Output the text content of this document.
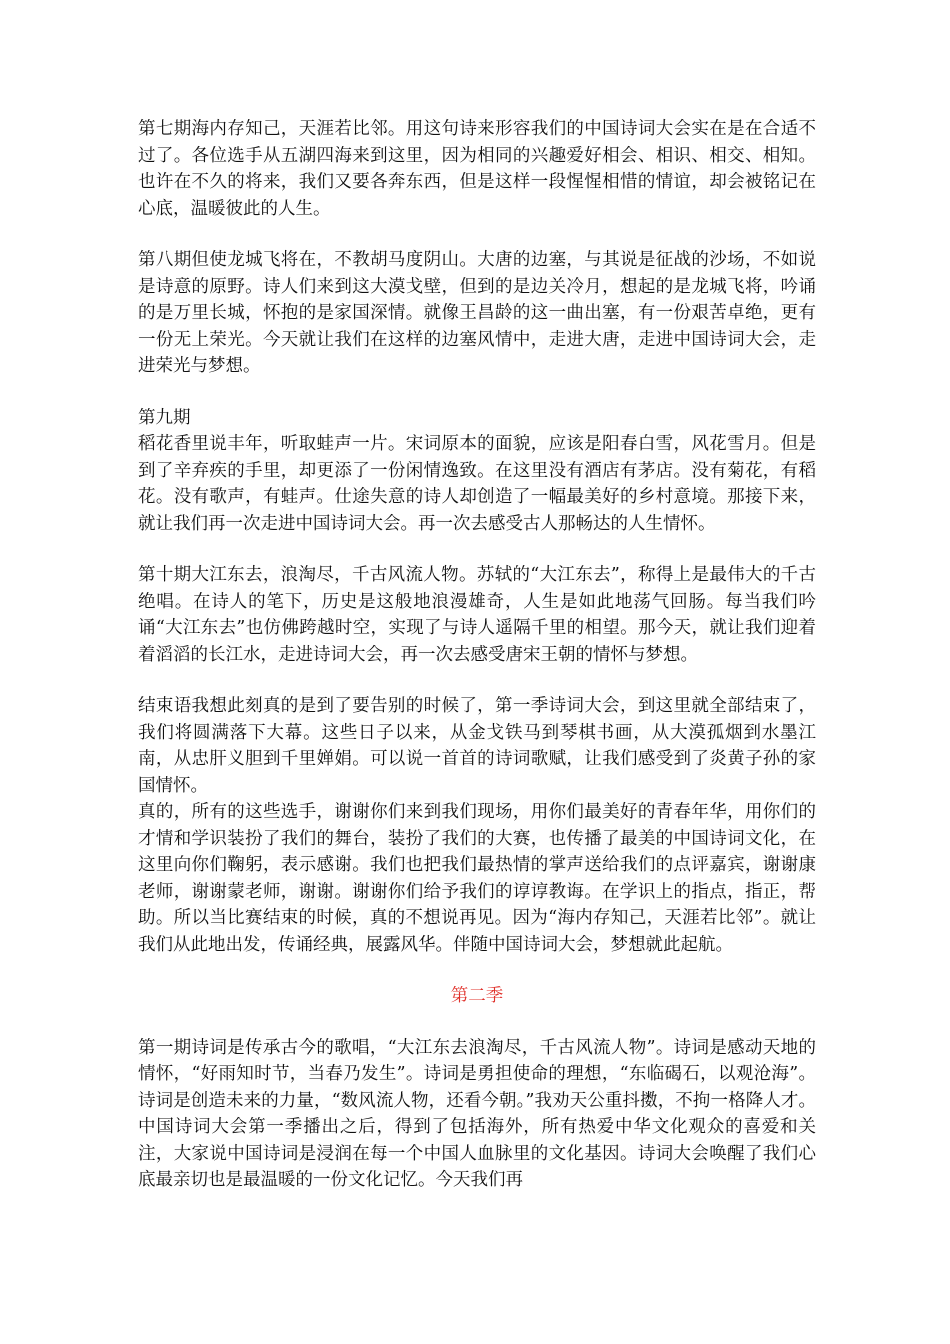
第七期海内存知己，天涯若比邻。用这句诗来形容我们的中国诗词大会实在是在合适不过了。各位选手从五湖四海来到这里，因为相同的兴趣爱好相会、相识、相交、相知。也许在不久的将来，我们又要各奔东西，但是这样一段惺惺相惜的情谊，却会被铭记在心底，温暖彼此的人生。

第八期但使龙城飞将在，不教胡马度阴山。大唐的边塞，与其说是征战的沙场，不如说是诗意的原野。诗人们来到这大漠戈壁，但到的是边关冷月，想起的是龙城飞将，吟诵的是万里长城，怀抱的是家国深情。就像王昌龄的这一曲出塞，有一份艰苦卓绝，更有一份无上荣光。今天就让我们在这样的边塞风情中，走进大唐，走进中国诗词大会，走进荣光与梦想。

第九期
稻花香里说丰年，听取蛙声一片。宋词原本的面貌，应该是阳春白雪，风花雪月。但是到了辛弃疾的手里，却更添了一份闲情逸致。在这里没有酒店有茅店。没有菊花，有稻花。没有歌声，有蛙声。仕途失意的诗人却创造了一幅最美好的乡村意境。那接下来，就让我们再一次走进中国诗词大会。再一次去感受古人那畅达的人生情怀。

第十期大江东去，浪淘尽，千古风流人物。苏轼的“大江东去”，称得上是最伟大的千古绝唱。在诗人的笔下，历史是这般地浪漫雄奇，人生是如此地荡气回肠。每当我们吟诵“大江东去”也仿佛跨越时空，实现了与诗人遥隔千里的相望。那今天，就让我们迎着着滔滔的长江水，走进诗词大会，再一次去感受唐宋王朝的情怀与梦想。

结束语我想此刻真的是到了要告别的时候了，第一季诗词大会，到这里就全部结束了，我们将圆满落下大幕。这些日子以来，从金戈铁马到琴棋书画，从大漠孤烟到水墨江南，从忠肝义胆到千里婵娟。可以说一首首的诗词歌赋，让我们感受到了炎黄子孙的家国情怀。

真的，所有的这些选手，谢谢你们来到我们现场，用你们最美好的青春年华，用你们的才情和学识装扮了我们的舞台，装扮了我们的大赛，也传播了最美的中国诗词文化，在这里向你们鞠躬，表示感谢。我们也把我们最热情的掌声送给我们的点评嘉宾，谢谢康老师，谢谢蒙老师，谢谢。谢谢你们给予我们的谆谆教诲。在学识上的指点，指正，帮助。所以当比赛结束的时候，真的不想说再见。因为“海内存知己，天涯若比邻”。就让我们从此地出发，传诵经典，展露风华。伴随中国诗词大会，梦想就此起航。

第二季

第一期诗词是传承古今的歌唱，“大江东去浪淘尽，千古风流人物”。诗词是感动天地的情怀，“好雨知时节，当春乃发生”。诗词是勇担使命的理想，“东临碣石，以观沧海”。诗词是创造未来的力量，“数风流人物，还看今朝。”我劝天公重抖擞，不拘一格降人才。中国诗词大会第一季播出之后，得到了包括海外，所有热爱中华文化观众的喜爱和关注，大家说中国诗词是浸润在每一个中国人血脉里的文化基因。诗词大会唤醒了我们心底最亲切也是最温暖的一份文化记忆。今天我们再
